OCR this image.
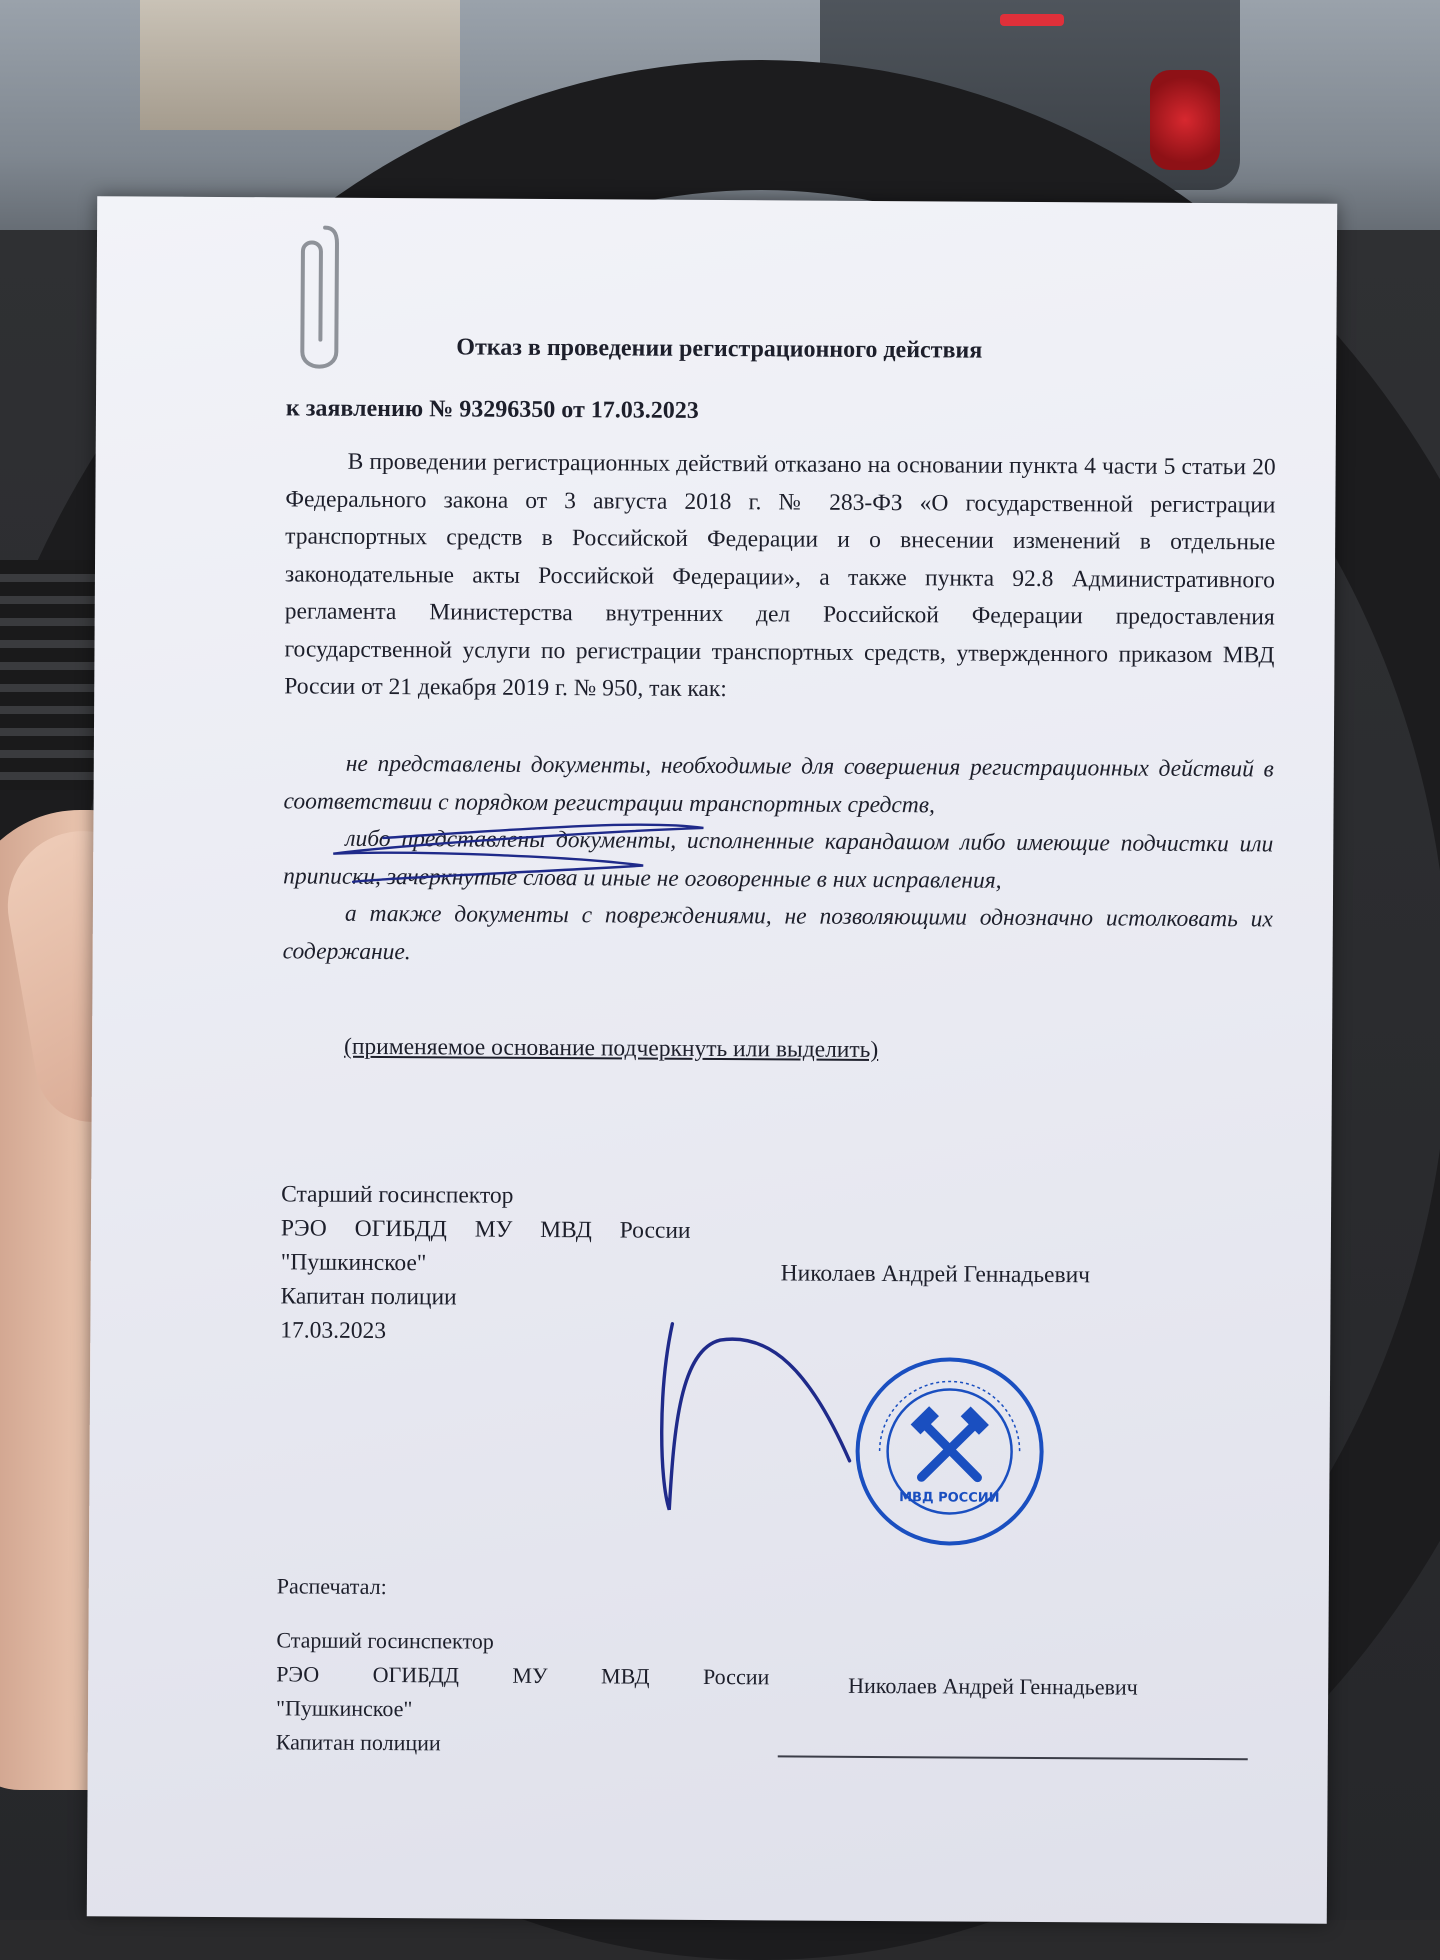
Отказ в проведении регистрационного действия
к заявлению № 93296350 от 17.03.2023
В проведении регистрационных действий отказано на основании пункта 4 части 5 статьи 20 Федерального закона от 3 августа 2018 г. № 283-ФЗ «О государственной регистрации транспортных средств в Российской Федерации и о внесении изменений в отдельные законодательные акты Российской Федерации», а также пункта 92.8 Административного регламента Министерства внутренних дел Российской Федерации предоставления государственной услуги по регистрации транспортных средств, утвержденного приказом МВД России от 21 декабря 2019 г. № 950, так как:

не представлены документы, необходимые для совершения регистрационных действий в соответствии с порядком регистрации транспортных средств,

либо представлены документы, исполненные карандашом либо имеющие подчистки или приписки, зачеркнутые слова и иные не оговоренные в них исправления,

а также документы с повреждениями, не позволяющими однозначно истолковать их содержание.

(применяемое основание подчеркнуть или выделить)
Старший госинспектор
РЭО ОГИБДД МУ МВД России
"Пушкинское"
Капитан полиции
17.03.2023
Николаев Андрей Геннадьевич
МВД РОССИИ
Распечатал:
Старший госинспектор
РЭО ОГИБДД МУ МВД России
"Пушкинское"
Капитан полиции
Николаев Андрей Геннадьевич
